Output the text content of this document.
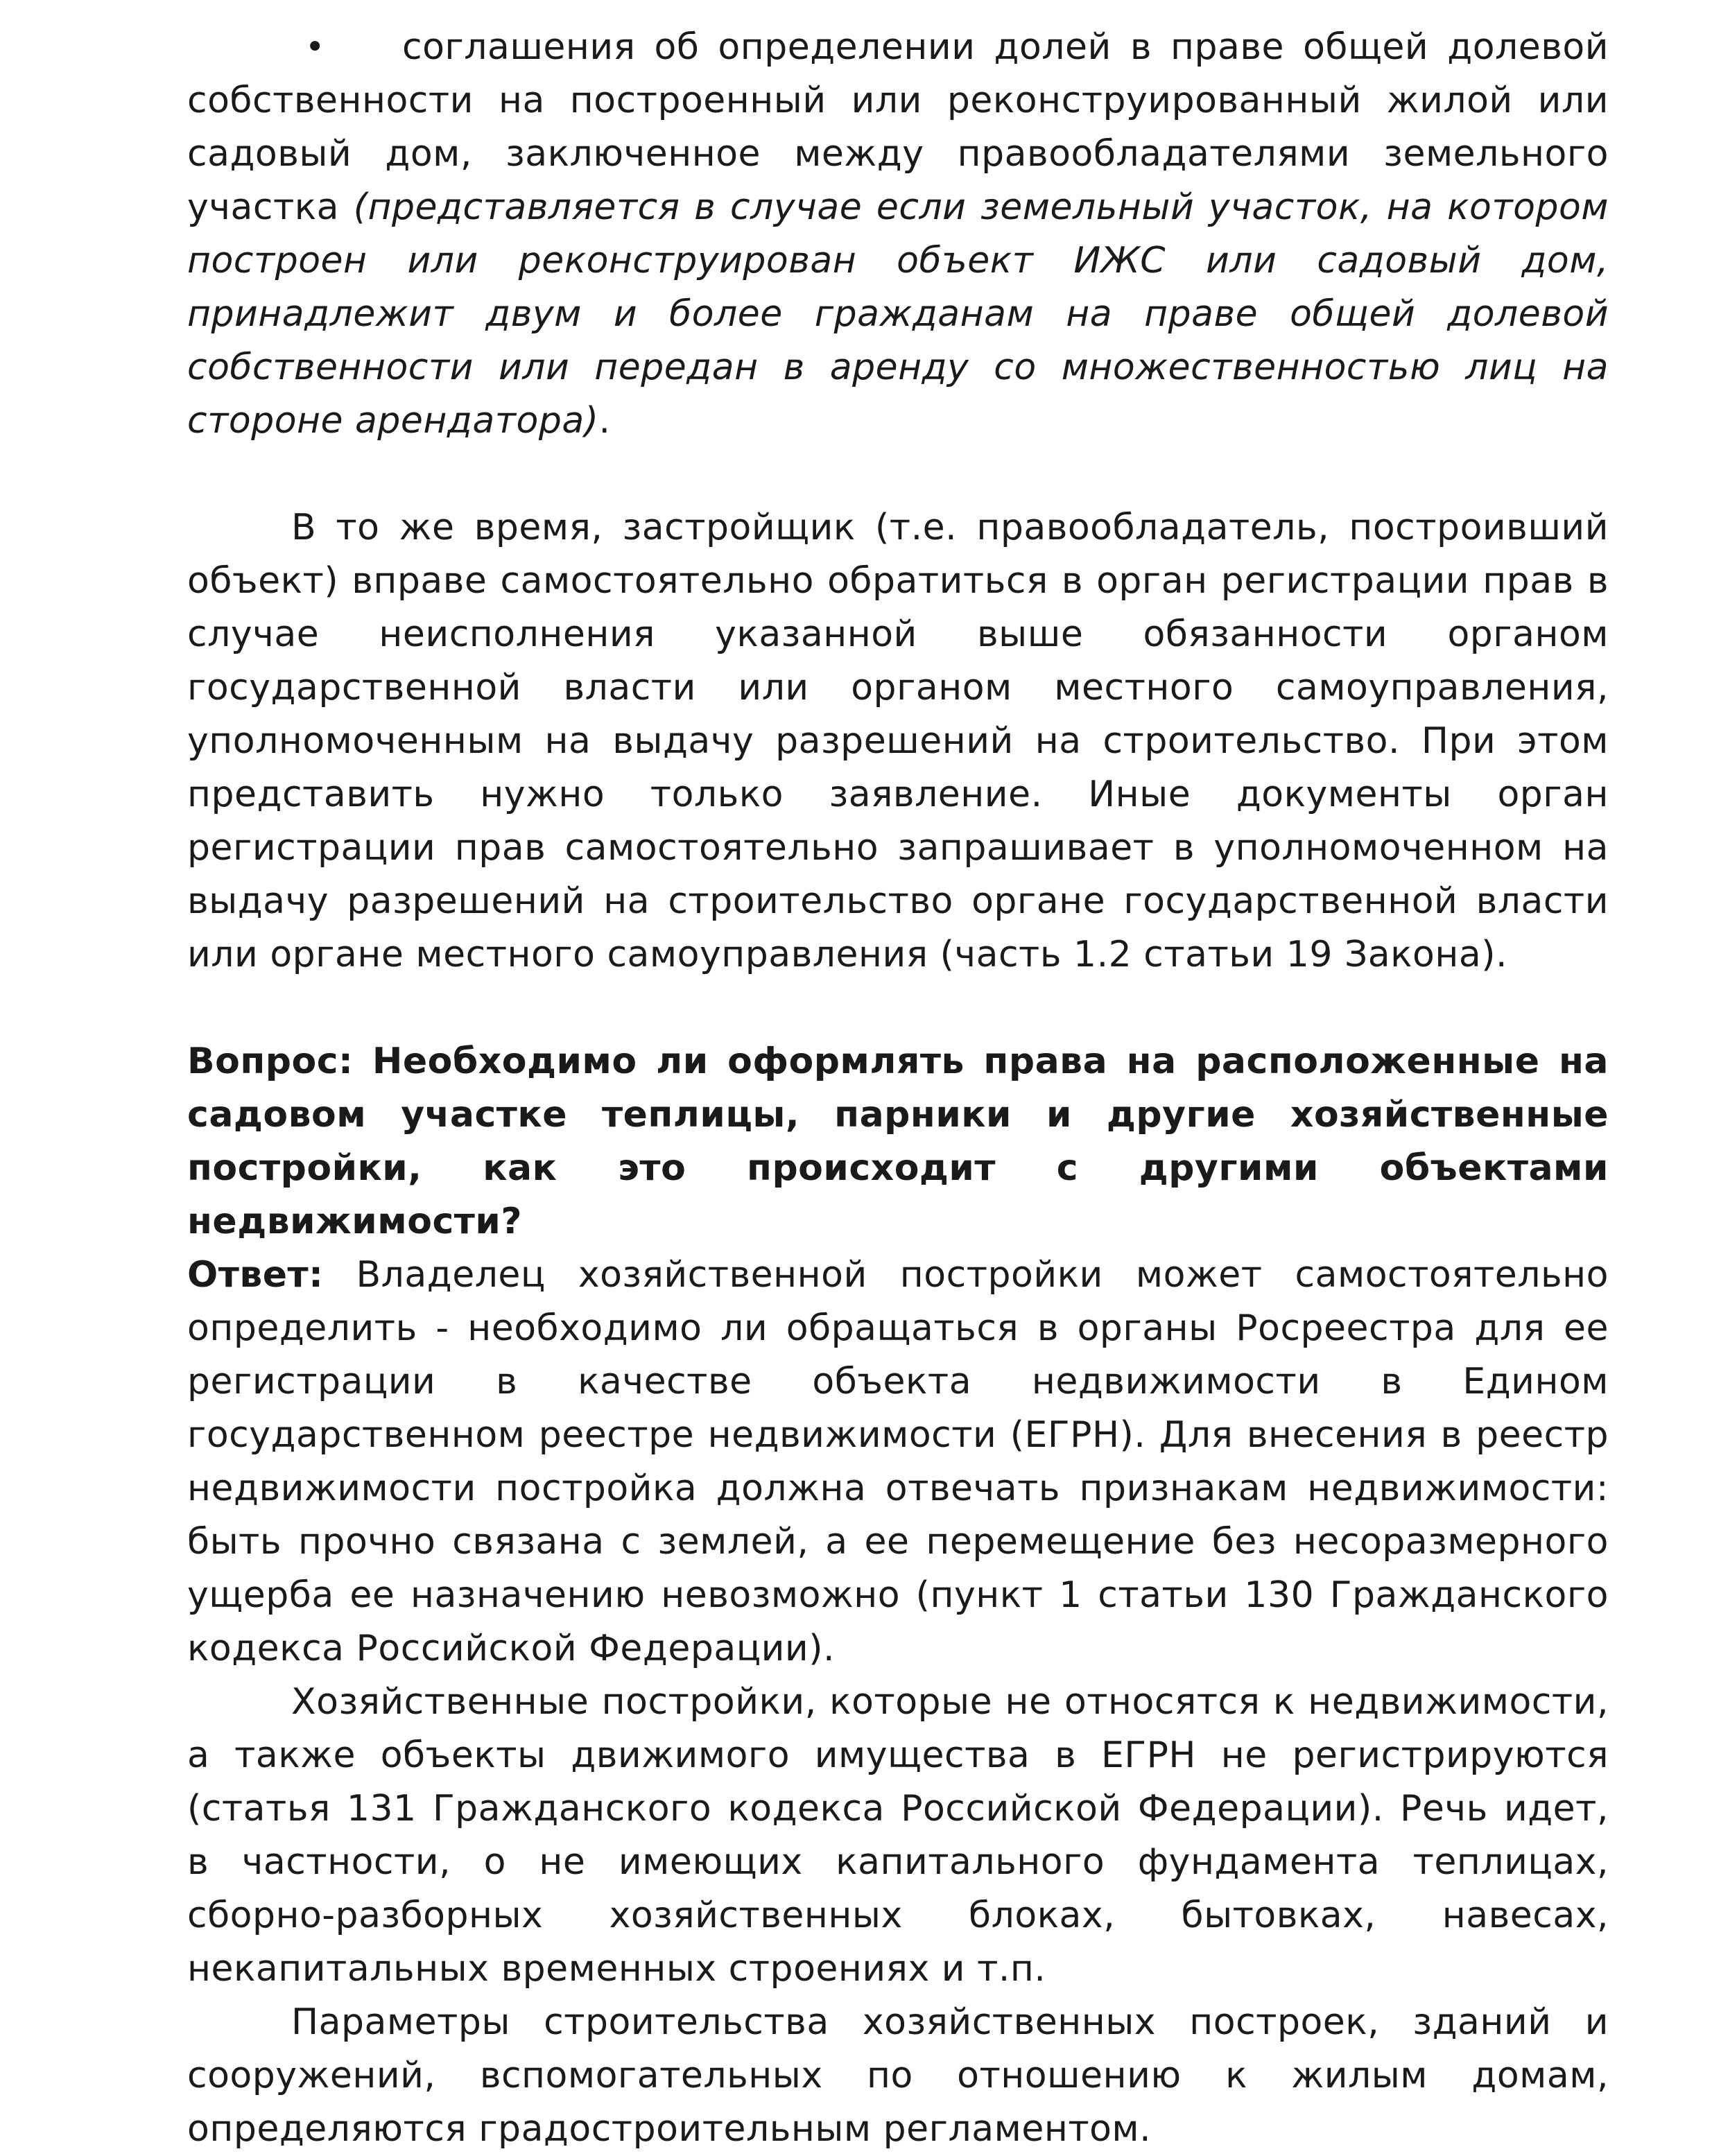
•	соглашения об определении долей в праве общей долевой собственности на построенный или реконструированный жилой или садовый дом, заключенное между правообладателями земельного участка (представляется в случае если земельный участок, на котором построен или реконструирован объект ИЖС или садовый дом, принадлежит двум и более гражданам на праве общей долевой собственности или передан в аренду со множественностью лиц на стороне арендатора).

В то же время, застройщик (т.е. правообладатель, построивший объект) вправе самостоятельно обратиться в орган регистрации прав в случае неисполнения указанной выше обязанности органом государственной власти или органом местного самоуправления, уполномоченным на выдачу разрешений на строительство. При этом представить нужно только заявление. Иные документы орган регистрации прав самостоятельно запрашивает в уполномоченном на выдачу разрешений на строительство органе государственной власти или органе местного самоуправления (часть 1.2 статьи 19 Закона).

Вопрос: Необходимо ли оформлять права на расположенные на садовом участке теплицы, парники и другие хозяйственные постройки, как это происходит с другими объектами недвижимости?

Ответ: Владелец хозяйственной постройки может самостоятельно определить - необходимо ли обращаться в органы Росреестра для ее регистрации в качестве объекта недвижимости в Едином государственном реестре недвижимости (ЕГРН). Для внесения в реестр недвижимости постройка должна отвечать признакам недвижимости: быть прочно связана с землей, а ее перемещение без несоразмерного ущерба ее назначению невозможно (пункт 1 статьи 130 Гражданского кодекса Российской Федерации).

Хозяйственные постройки, которые не относятся к недвижимости, а также объекты движимого имущества в ЕГРН не регистрируются (статья 131 Гражданского кодекса Российской Федерации). Речь идет, в частности, о не имеющих капитального фундамента теплицах, сборно-разборных хозяйственных блоках, бытовках, навесах, некапитальных временных строениях и т.п.

Параметры строительства хозяйственных построек, зданий и сооружений, вспомогательных по отношению к жилым домам, определяются градостроительным регламентом.
